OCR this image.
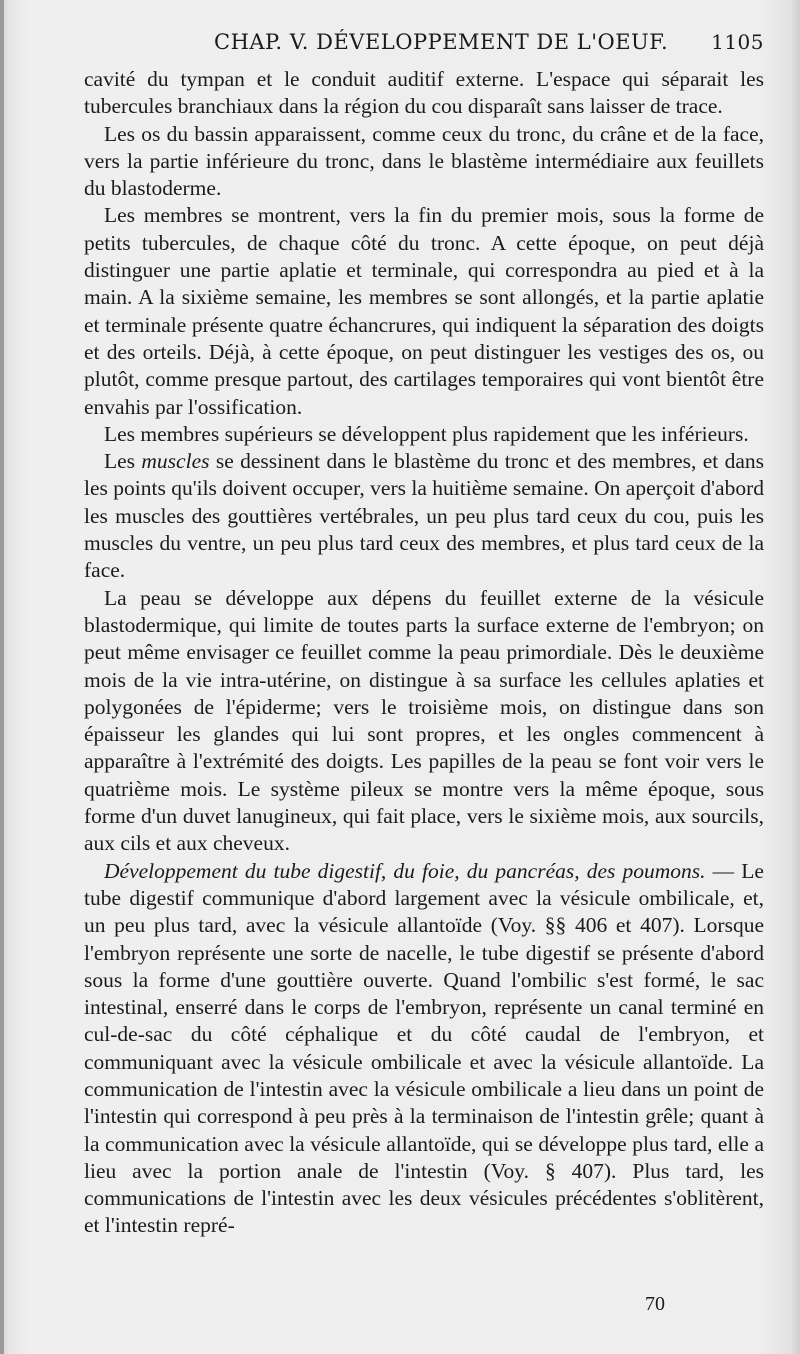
CHAP. V. DÉVELOPPEMENT DE L'OEUF. 1105

cavité du tympan et le conduit auditif externe. L'espace qui séparait les tubercules branchiaux dans la région du cou disparaît sans laisser de trace.

Les os du bassin apparaissent, comme ceux du tronc, du crâne et de la face, vers la partie inférieure du tronc, dans le blastème intermédiaire aux feuillets du blastoderme.

Les membres se montrent, vers la fin du premier mois, sous la forme de petits tubercules, de chaque côté du tronc. A cette époque, on peut déjà distinguer une partie aplatie et terminale, qui correspondra au pied et à la main. A la sixième semaine, les membres se sont allongés, et la partie aplatie et terminale présente quatre échancrures, qui indiquent la séparation des doigts et des orteils. Déjà, à cette époque, on peut distinguer les vestiges des os, ou plutôt, comme presque partout, des cartilages temporaires qui vont bientôt être envahis par l'ossification.

Les membres supérieurs se développent plus rapidement que les inférieurs.

Les muscles se dessinent dans le blastème du tronc et des membres, et dans les points qu'ils doivent occuper, vers la huitième semaine. On aperçoit d'abord les muscles des gouttières vertébrales, un peu plus tard ceux du cou, puis les muscles du ventre, un peu plus tard ceux des membres, et plus tard ceux de la face.

La peau se développe aux dépens du feuillet externe de la vésicule blastodermique, qui limite de toutes parts la surface externe de l'embryon; on peut même envisager ce feuillet comme la peau primordiale. Dès le deuxième mois de la vie intra-utérine, on distingue à sa surface les cellules aplaties et polygonées de l'épiderme; vers le troisième mois, on distingue dans son épaisseur les glandes qui lui sont propres, et les ongles commencent à apparaître à l'extrémité des doigts. Les papilles de la peau se font voir vers le quatrième mois. Le système pileux se montre vers la même époque, sous forme d'un duvet lanugineux, qui fait place, vers le sixième mois, aux sourcils, aux cils et aux cheveux.

Développement du tube digestif, du foie, du pancréas, des poumons. — Le tube digestif communique d'abord largement avec la vésicule ombilicale, et, un peu plus tard, avec la vésicule allantoïde (Voy. §§ 406 et 407). Lorsque l'embryon représente une sorte de nacelle, le tube digestif se présente d'abord sous la forme d'une gouttière ouverte. Quand l'ombilic s'est formé, le sac intestinal, enserré dans le corps de l'embryon, représente un canal terminé en cul-de-sac du côté céphalique et du côté caudal de l'embryon, et communiquant avec la vésicule ombilicale et avec la vésicule allantoïde. La communication de l'intestin avec la vésicule ombilicale a lieu dans un point de l'intestin qui correspond à peu près à la terminaison de l'intestin grêle; quant à la communication avec la vésicule allantoïde, qui se développe plus tard, elle a lieu avec la portion anale de l'intestin (Voy. § 407). Plus tard, les communications de l'intestin avec les deux vésicules précédentes s'oblitèrent, et l'intestin repré-

70
